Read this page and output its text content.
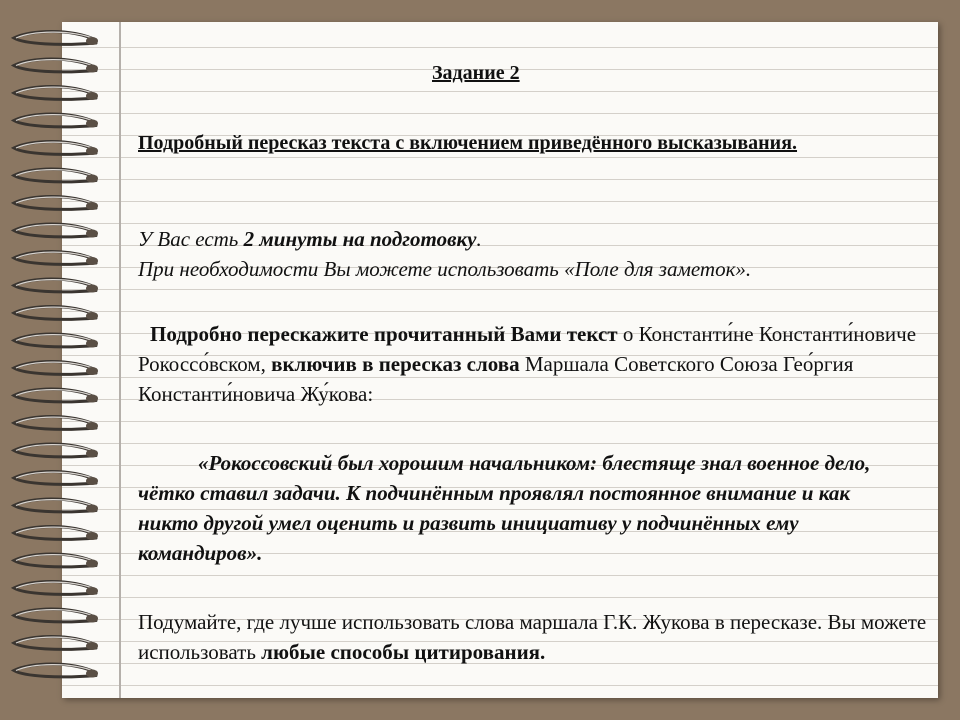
Задание 2
Подробный пересказ текста с включением приведённого высказывания.
У Вас есть 2 минуты на подготовку.
При необходимости Вы можете использовать «Поле для заметок».
Подробно перескажите прочитанный Вами текст о Константи́не Константи́новиче Рокоссо́вском, включив в пересказ слова Маршала Советского Союза Гео́ргия Константи́новича Жу́кова:
«Рокоссовский был хорошим начальником: блестяще знал военное дело, чётко ставил задачи. К подчинённым проявлял постоянное внимание и как никто другой умел оценить и развить инициативу у подчинённых ему командиров».
Подумайте, где лучше использовать слова маршала Г.К. Жукова в пересказе. Вы можете использовать любые способы цитирования.
